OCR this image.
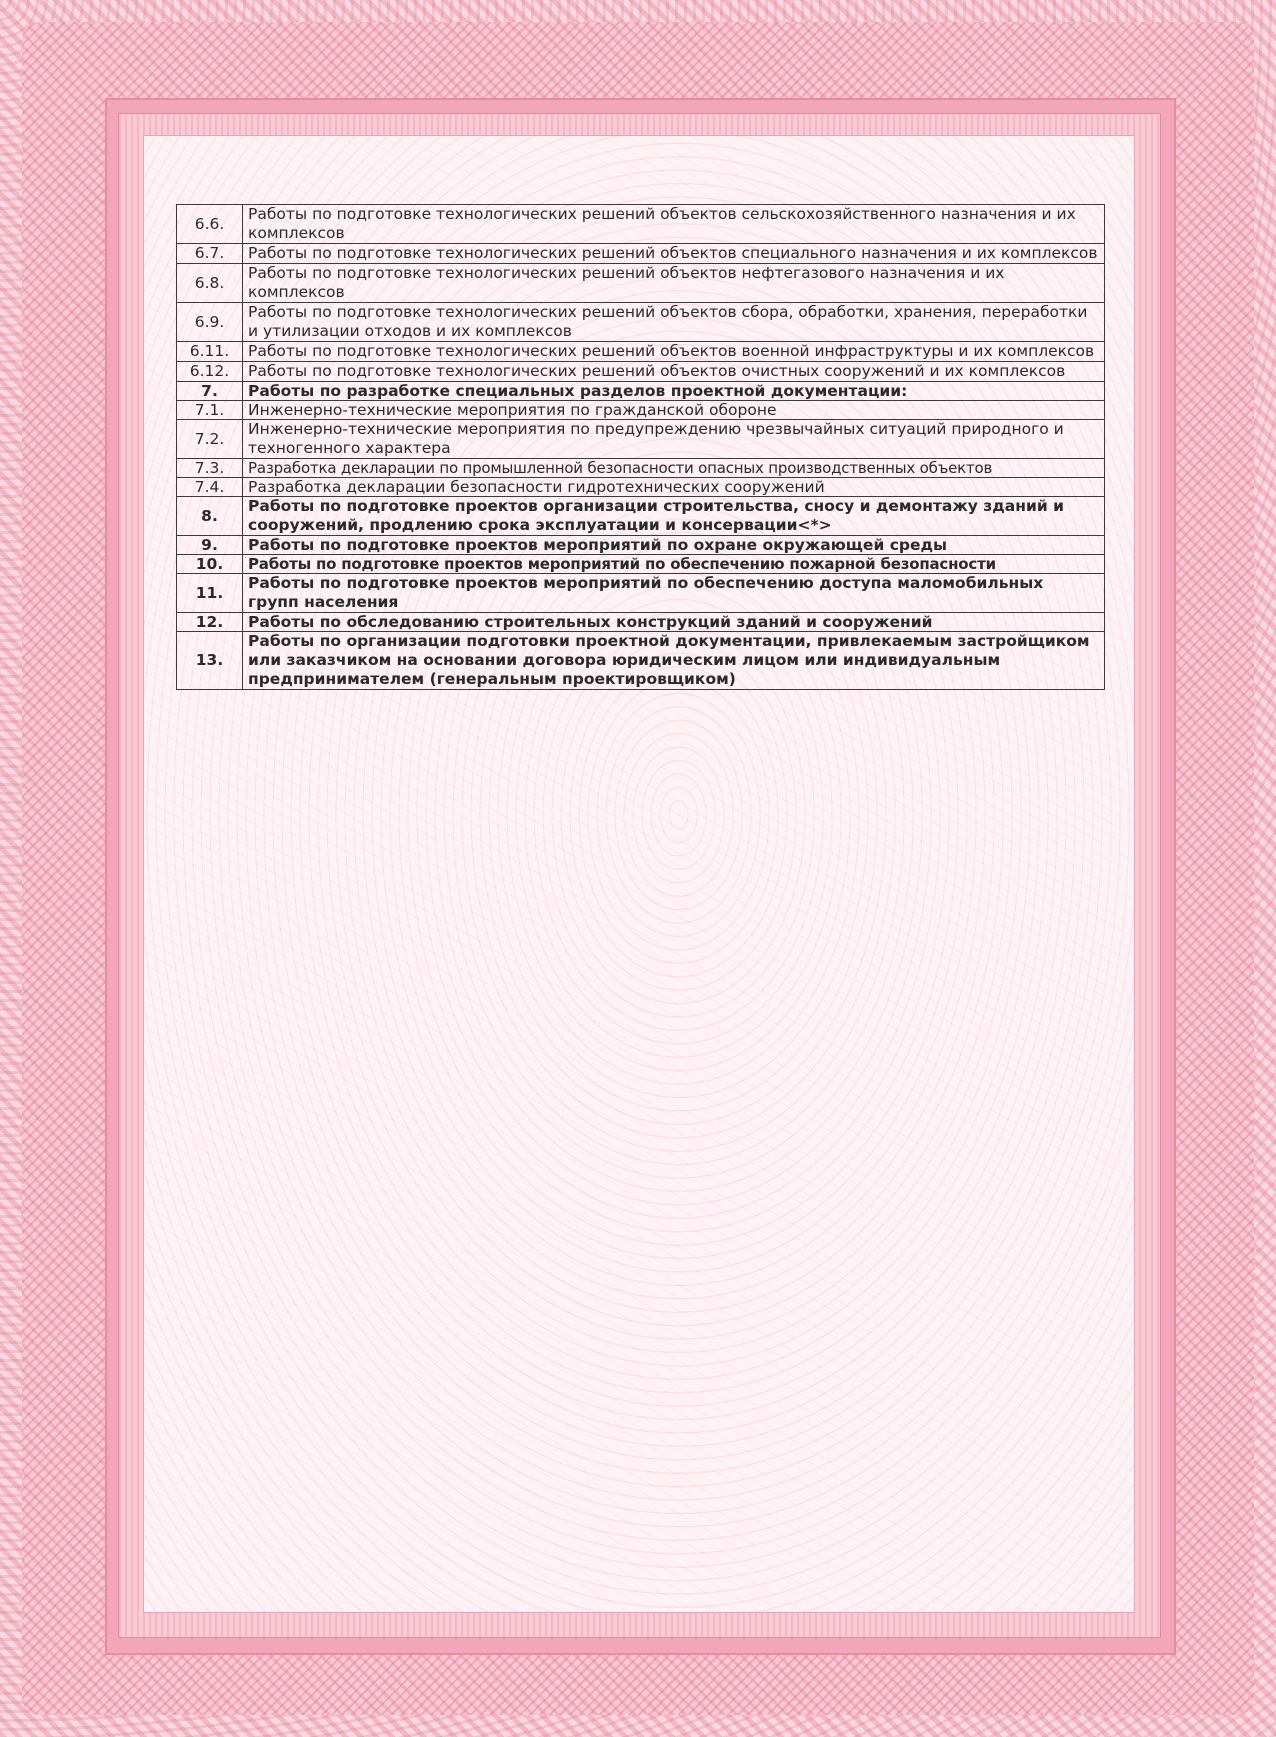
6.6.	Работы по подготовке технологических решений объектов сельскохозяйственного назначения и их комплексов
6.7.	Работы по подготовке технологических решений объектов специального назначения и их комплексов
6.8.	Работы по подготовке технологических решений объектов нефтегазового назначения и их комплексов
6.9.	Работы по подготовке технологических решений объектов сбора, обработки, хранения, переработки и утилизации отходов и их комплексов
6.11.	Работы по подготовке технологических решений объектов военной инфраструктуры и их комплексов
6.12.	Работы по подготовке технологических решений объектов очистных сооружений и их комплексов
7.	Работы по разработке специальных разделов проектной документации:
7.1.	Инженерно-технические мероприятия по гражданской обороне
7.2.	Инженерно-технические мероприятия по предупреждению чрезвычайных ситуаций природного и техногенного характера
7.3.	Разработка декларации по промышленной безопасности опасных производственных объектов
7.4.	Разработка декларации безопасности гидротехнических сооружений
8.	Работы по подготовке проектов организации строительства, сносу и демонтажу зданий и сооружений, продлению срока эксплуатации и консервации<*>
9.	Работы по подготовке проектов мероприятий по охране окружающей среды
10.	Работы по подготовке проектов мероприятий по обеспечению пожарной безопасности
11.	Работы по подготовке проектов мероприятий по обеспечению доступа маломобильных групп населения
12.	Работы по обследованию строительных конструкций зданий и сооружений
13.	Работы по организации подготовки проектной документации, привлекаемым застройщиком или заказчиком на основании договора юридическим лицом или индивидуальным предпринимателем (генеральным проектировщиком)
